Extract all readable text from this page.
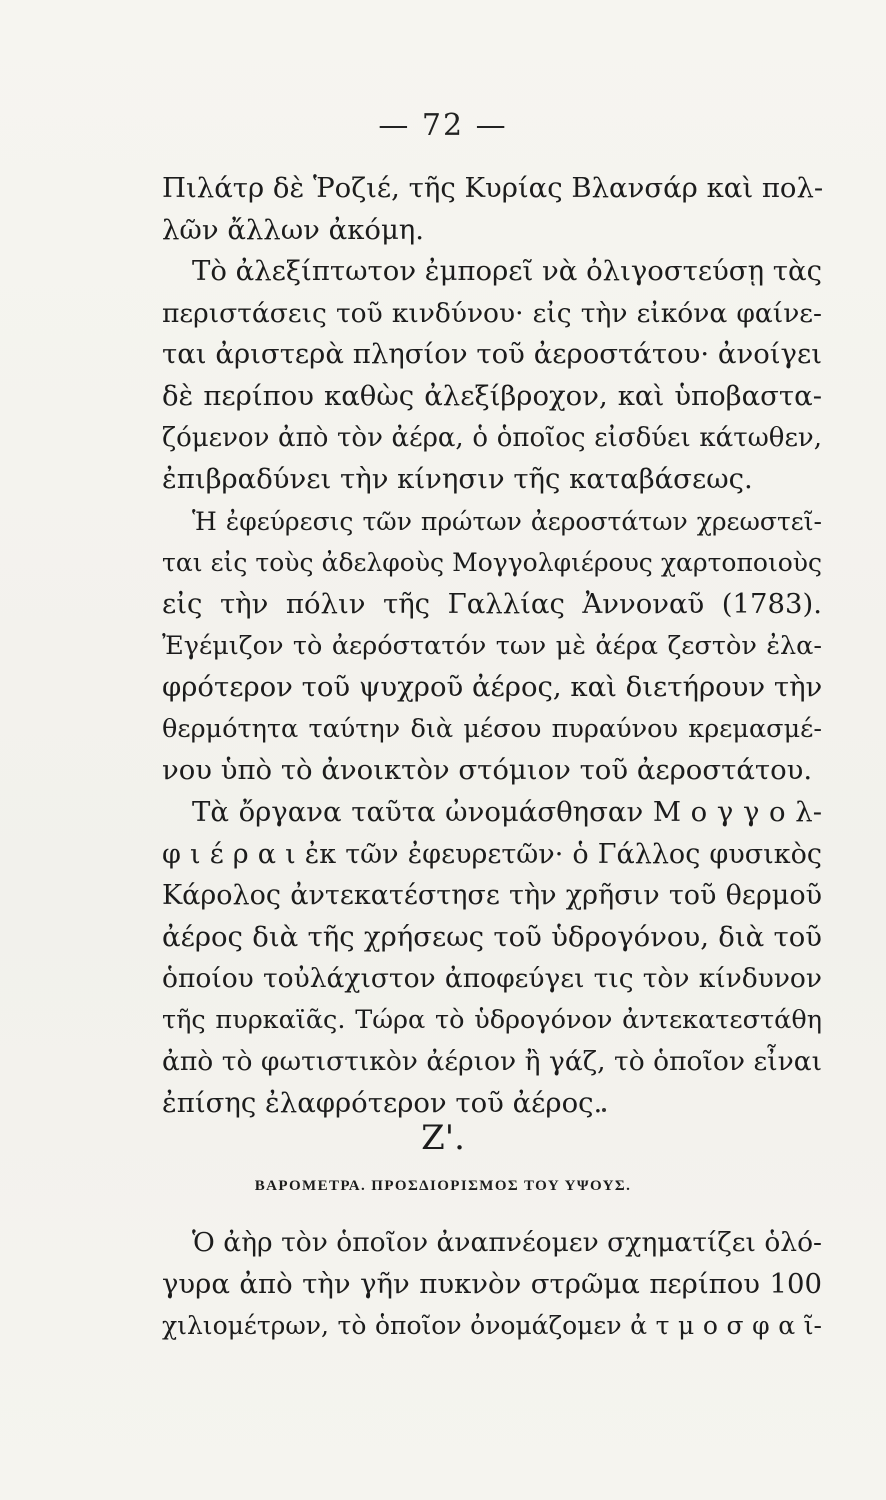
— 72 —
Πιλάτρ δὲ Ῥοζιέ, τῆς Κυρίας Βλανσάρ καὶ πολ-
λῶν ἄλλων ἀκόμη.
Τὸ ἀλεξίπτωτον ἐμπορεῖ νὰ ὀλιγοστεύσῃ τὰς
περιστάσεις τοῦ κινδύνου· εἰς τὴν εἰκόνα φαίνε-
ται ἀριστερὰ πλησίον τοῦ ἀεροστάτου· ἀνοίγει
δὲ περίπου καθὼς ἀλεξίβροχον, καὶ ὑποβαστα-
ζόμενον ἀπὸ τὸν ἀέρα, ὁ ὁποῖος εἰσδύει κάτωθεν,
ἐπιβραδύνει τὴν κίνησιν τῆς καταβάσεως.
Ἡ ἐφεύρεσις τῶν πρώτων ἀεροστάτων χρεωστεῖ-
ται εἰς τοὺς ἀδελφοὺς Μογγολφιέρους χαρτοποιοὺς
εἰς τὴν πόλιν τῆς Γαλλίας Ἀννοναῦ (1783).
Ἐγέμιζον τὸ ἀερόστατόν των μὲ ἀέρα ζεστὸν ἐλα-
φρότερον τοῦ ψυχροῦ ἀέρος, καὶ διετήρουν τὴν
θερμότητα ταύτην διὰ μέσου πυραύνου κρεμασμέ-
νου ὑπὸ τὸ ἀνοικτὸν στόμιον τοῦ ἀεροστάτου.
Τὰ ὄργανα ταῦτα ὠνομάσθησαν Μ ο γ γ ο λ-
φ ι έ ρ α ι ἐκ τῶν ἐφευρετῶν· ὁ Γάλλος φυσικὸς
Κάρολος ἀντεκατέστησε τὴν χρῆσιν τοῦ θερμοῦ
ἀέρος διὰ τῆς χρήσεως τοῦ ὑδρογόνου, διὰ τοῦ
ὁποίου τοὐλάχιστον ἀποφεύγει τις τὸν κίνδυνον
τῆς πυρκαϊᾶς. Τώρα τὸ ὑδρογόνον ἀντεκατεστάθη
ἀπὸ τὸ φωτιστικὸν ἀέριον ἢ γάζ, τὸ ὁποῖον εἶναι
ἐπίσης ἐλαφρότερον τοῦ ἀέρος.
Ζ'.
ΒΑΡΟΜΕΤΡΑ. ΠΡΟΣΔΙΟΡΙΣΜΟΣ ΤΟΥ ΥΨΟΥΣ.
Ὁ ἀὴρ τὸν ὁποῖον ἀναπνέομεν σχηματίζει ὁλό-
γυρα ἀπὸ τὴν γῆν πυκνὸν στρῶμα περίπου 100
χιλιομέτρων, τὸ ὁποῖον ὀνομάζομεν ἀ τ μ ο σ φ α ῖ-
